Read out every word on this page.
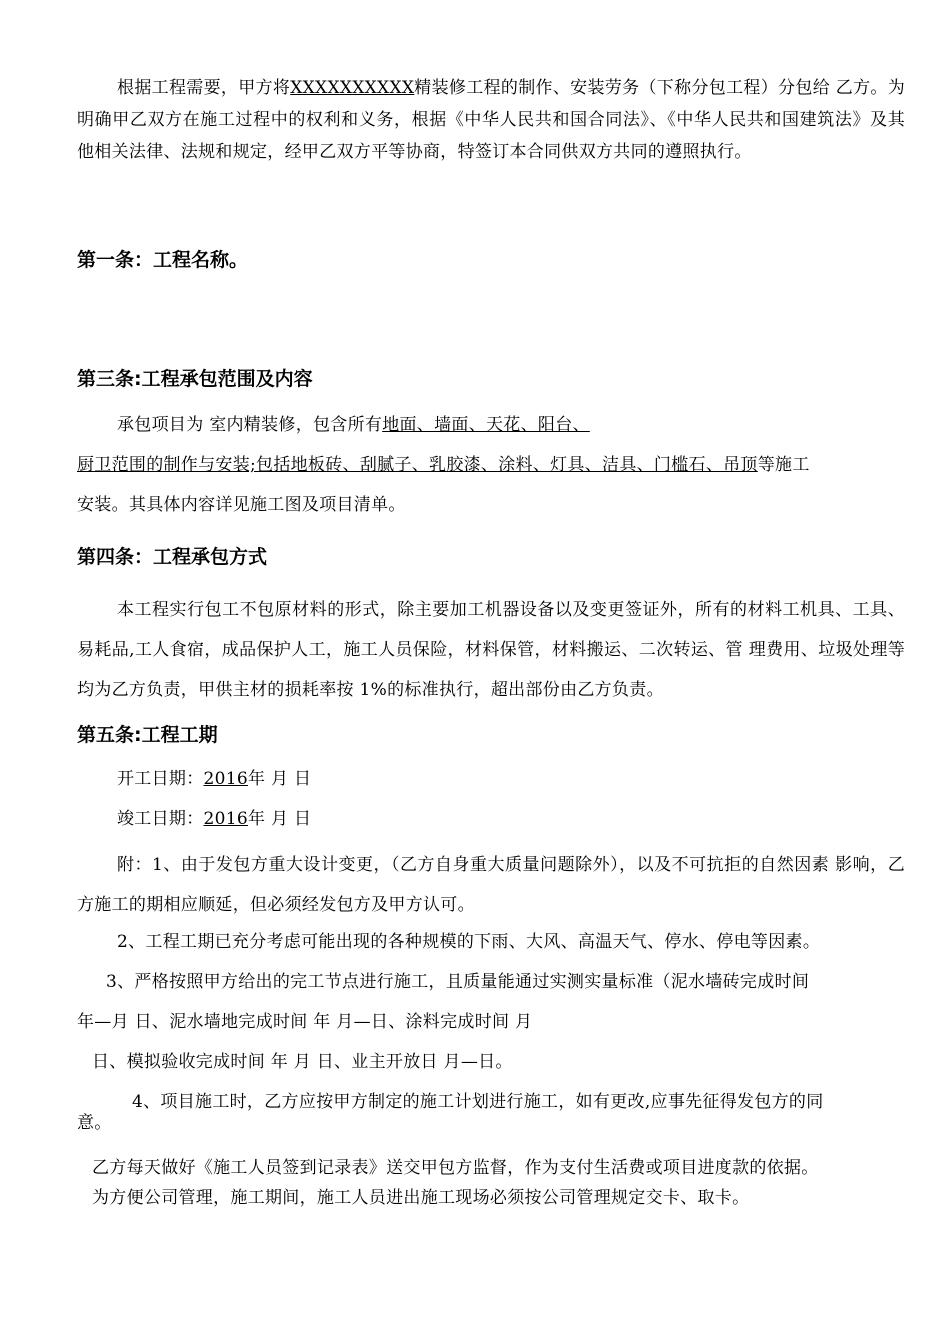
根据工程需要，甲方将XXXXXXXXXX精装修工程的制作、安装劳务（下称分包工程）分包给 乙方。为明确甲乙双方在施工过程中的权利和义务，根据《中华人民共和国合同法》、《中华人民共和国建筑法》及其他相关法律、法规和规定，经甲乙双方平等协商，特签订本合同供双方共同的遵照执行。
第一条：工程名称。
第三条:工程承包范围及内容
承包项目为 室内精装修，包含所有地面、墙面、天花、阳台、
厨卫范围的制作与安装;包括地板砖、刮腻子、乳胶漆、涂料、灯具、洁具、门槛石、吊顶等施工
安装。其具体内容详见施工图及项目清单。
第四条：工程承包方式
本工程实行包工不包原材料的形式，除主要加工机器设备以及变更签证外，所有的材料工机具、工具、易耗品,工人食宿，成品保护人工，施工人员保险，材料保管，材料搬运、二次转运、管 理费用、垃圾处理等均为乙方负责，甲供主材的损耗率按 1%的标准执行，超出部份由乙方负责。
第五条:工程工期
开工日期：2016年 月 日
竣工日期：2016年 月 日
附：1、由于发包方重大设计变更，（乙方自身重大质量问题除外），以及不可抗拒的自然因素 影响，乙方施工的期相应顺延，但必须经发包方及甲方认可。
2、工程工期已充分考虑可能出现的各种规模的下雨、大风、高温天气、停水、停电等因素。
3、严格按照甲方给出的完工节点进行施工，且质量能通过实测实量标准（泥水墙砖完成时间
年—月 日、泥水墙地完成时间 年 月—日、涂料完成时间 月
日、模拟验收完成时间 年 月 日、业主开放日 月—日。
4、项目施工时，乙方应按甲方制定的施工计划进行施工，如有更改,应事先征得发包方的同
意。
乙方每天做好《施工人员签到记录表》送交甲包方监督，作为支付生活费或项目进度款的依据。
为方便公司管理，施工期间，施工人员进出施工现场必须按公司管理规定交卡、取卡。
